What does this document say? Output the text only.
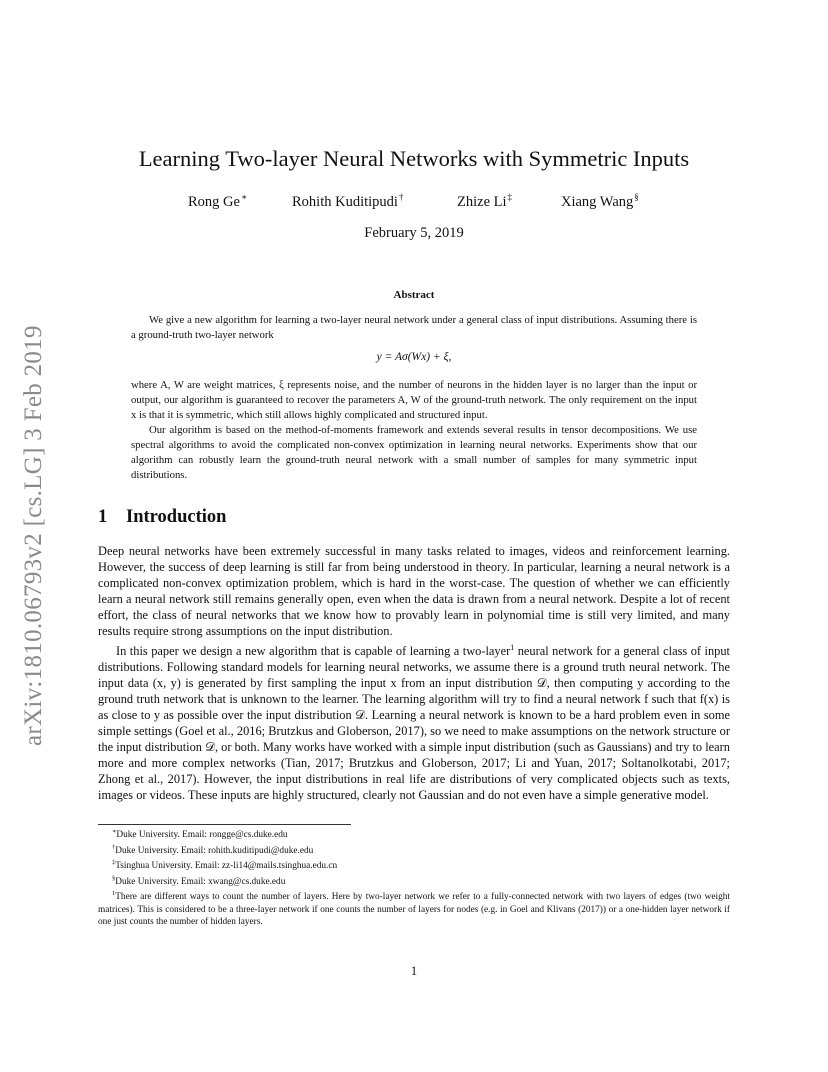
arXiv:1810.06793v2 [cs.LG] 3 Feb 2019
Learning Two-layer Neural Networks with Symmetric Inputs
Rong Ge∗	Rohith Kuditipudi†	Zhize Li‡	Xiang Wang§
February 5, 2019
Abstract

We give a new algorithm for learning a two-layer neural network under a general class of input distributions. Assuming there is a ground-truth two-layer network

y = Aσ(Wx) + ξ,

where A, W are weight matrices, ξ represents noise, and the number of neurons in the hidden layer is no larger than the input or output, our algorithm is guaranteed to recover the parameters A, W of the ground-truth network. The only requirement on the input x is that it is symmetric, which still allows highly complicated and structured input.

Our algorithm is based on the method-of-moments framework and extends several results in tensor decompositions. We use spectral algorithms to avoid the complicated non-convex optimization in learning neural networks. Experiments show that our algorithm can robustly learn the ground-truth neural network with a small number of samples for many symmetric input distributions.

1 Introduction

Deep neural networks have been extremely successful in many tasks related to images, videos and reinforcement learning. However, the success of deep learning is still far from being understood in theory. In particular, learning a neural network is a complicated non-convex optimization problem, which is hard in the worst-case. The question of whether we can efficiently learn a neural network still remains generally open, even when the data is drawn from a neural network. Despite a lot of recent effort, the class of neural networks that we know how to provably learn in polynomial time is still very limited, and many results require strong assumptions on the input distribution.

In this paper we design a new algorithm that is capable of learning a two-layer$^1$ neural network for a general class of input distributions. Following standard models for learning neural networks, we assume there is a ground truth neural network. The input data (x, y) is generated by first sampling the input x from an input distribution 𝒟, then computing y according to the ground truth network that is unknown to the learner. The learning algorithm will try to find a neural network f such that f(x) is as close to y as possible over the input distribution 𝒟. Learning a neural network is known to be a hard problem even in some simple settings (Goel et al., 2016; Brutzkus and Globerson, 2017), so we need to make assumptions on the network structure or the input distribution 𝒟, or both. Many works have worked with a simple input distribution (such as Gaussians) and try to learn more and more complex networks (Tian, 2017; Brutzkus and Globerson, 2017; Li and Yuan, 2017; Soltanolkotabi, 2017; Zhong et al., 2017). However, the input distributions in real life are distributions of very complicated objects such as texts, images or videos. These inputs are highly structured, clearly not Gaussian and do not even have a simple generative model.

∗Duke University. Email: rongge@cs.duke.edu

†Duke University. Email: rohith.kuditipudi@duke.edu

‡Tsinghua University. Email: zz-li14@mails.tsinghua.edu.cn

§Duke University. Email: xwang@cs.duke.edu

$^1$There are different ways to count the number of layers. Here by two-layer network we refer to a fully-connected network with two layers of edges (two weight matrices). This is considered to be a three-layer network if one counts the number of layers for nodes (e.g. in Goel and Klivans (2017)) or a one-hidden layer network if one just counts the number of hidden layers.

1
